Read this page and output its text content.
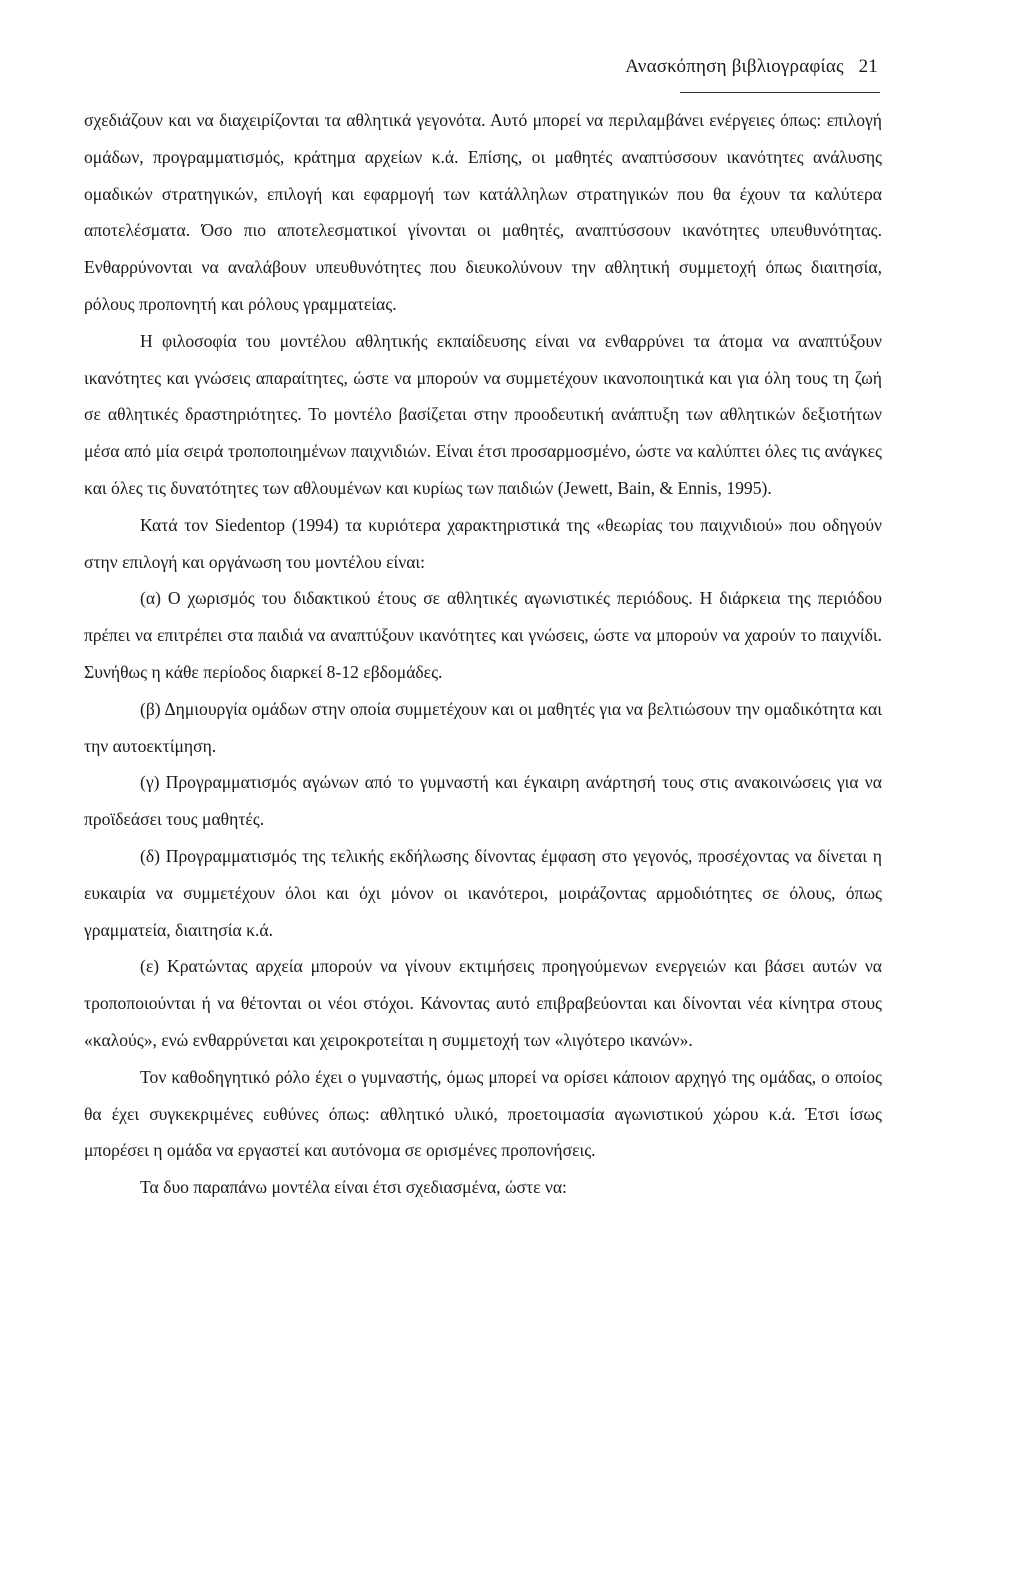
Ανασκόπηση βιβλιογραφίας 21

σχεδιάζουν και να διαχειρίζονται τα αθλητικά γεγονότα. Αυτό μπορεί να περιλαμβάνει ενέργειες όπως: επιλογή ομάδων, προγραμματισμός, κράτημα αρχείων κ.ά. Επίσης, οι μαθητές αναπτύσσουν ικανότητες ανάλυσης ομαδικών στρατηγικών, επιλογή και εφαρμογή των κατάλληλων στρατηγικών που θα έχουν τα καλύτερα αποτελέσματα. Όσο πιο αποτελεσματικοί γίνονται οι μαθητές, αναπτύσσουν ικανότητες υπευθυνότητας. Ενθαρρύνονται να αναλάβουν υπευθυνότητες που διευκολύνουν την αθλητική συμμετοχή όπως διαιτησία, ρόλους προπονητή και ρόλους γραμματείας.

Η φιλοσοφία του μοντέλου αθλητικής εκπαίδευσης είναι να ενθαρρύνει τα άτομα να αναπτύξουν ικανότητες και γνώσεις απαραίτητες, ώστε να μπορούν να συμμετέχουν ικανοποιητικά και για όλη τους τη ζωή σε αθλητικές δραστηριότητες. Το μοντέλο βασίζεται στην προοδευτική ανάπτυξη των αθλητικών δεξιοτήτων μέσα από μία σειρά τροποποιημένων παιχνιδιών. Είναι έτσι προσαρμοσμένο, ώστε να καλύπτει όλες τις ανάγκες και όλες τις δυνατότητες των αθλουμένων και κυρίως των παιδιών (Jewett, Bain, & Ennis, 1995).

Κατά τον Siedentop (1994) τα κυριότερα χαρακτηριστικά της «θεωρίας του παιχνιδιού» που οδηγούν στην επιλογή και οργάνωση του μοντέλου είναι:

(α) Ο χωρισμός του διδακτικού έτους σε αθλητικές αγωνιστικές περιόδους. Η διάρκεια της περιόδου πρέπει να επιτρέπει στα παιδιά να αναπτύξουν ικανότητες και γνώσεις, ώστε να μπορούν να χαρούν το παιχνίδι. Συνήθως η κάθε περίοδος διαρκεί 8-12 εβδομάδες.

(β) Δημιουργία ομάδων στην οποία συμμετέχουν και οι μαθητές για να βελτιώσουν την ομαδικότητα και την αυτοεκτίμηση.

(γ) Προγραμματισμός αγώνων από το γυμναστή και έγκαιρη ανάρτησή τους στις ανακοινώσεις για να προϊδεάσει τους μαθητές.

(δ) Προγραμματισμός της τελικής εκδήλωσης δίνοντας έμφαση στο γεγονός, προσέχοντας να δίνεται η ευκαιρία να συμμετέχουν όλοι και όχι μόνον οι ικανότεροι, μοιράζοντας αρμοδιότητες σε όλους, όπως γραμματεία, διαιτησία κ.ά.

(ε) Κρατώντας αρχεία μπορούν να γίνουν εκτιμήσεις προηγούμενων ενεργειών και βάσει αυτών να τροποποιούνται ή να θέτονται οι νέοι στόχοι. Κάνοντας αυτό επιβραβεύονται και δίνονται νέα κίνητρα στους «καλούς», ενώ ενθαρρύνεται και χειροκροτείται η συμμετοχή των «λιγότερο ικανών».

Τον καθοδηγητικό ρόλο έχει ο γυμναστής, όμως μπορεί να ορίσει κάποιον αρχηγό της ομάδας, ο οποίος θα έχει συγκεκριμένες ευθύνες όπως: αθλητικό υλικό, προετοιμασία αγωνιστικού χώρου κ.ά. Έτσι ίσως μπορέσει η ομάδα να εργαστεί και αυτόνομα σε ορισμένες προπονήσεις.

Τα δυο παραπάνω μοντέλα είναι έτσι σχεδιασμένα, ώστε να:
